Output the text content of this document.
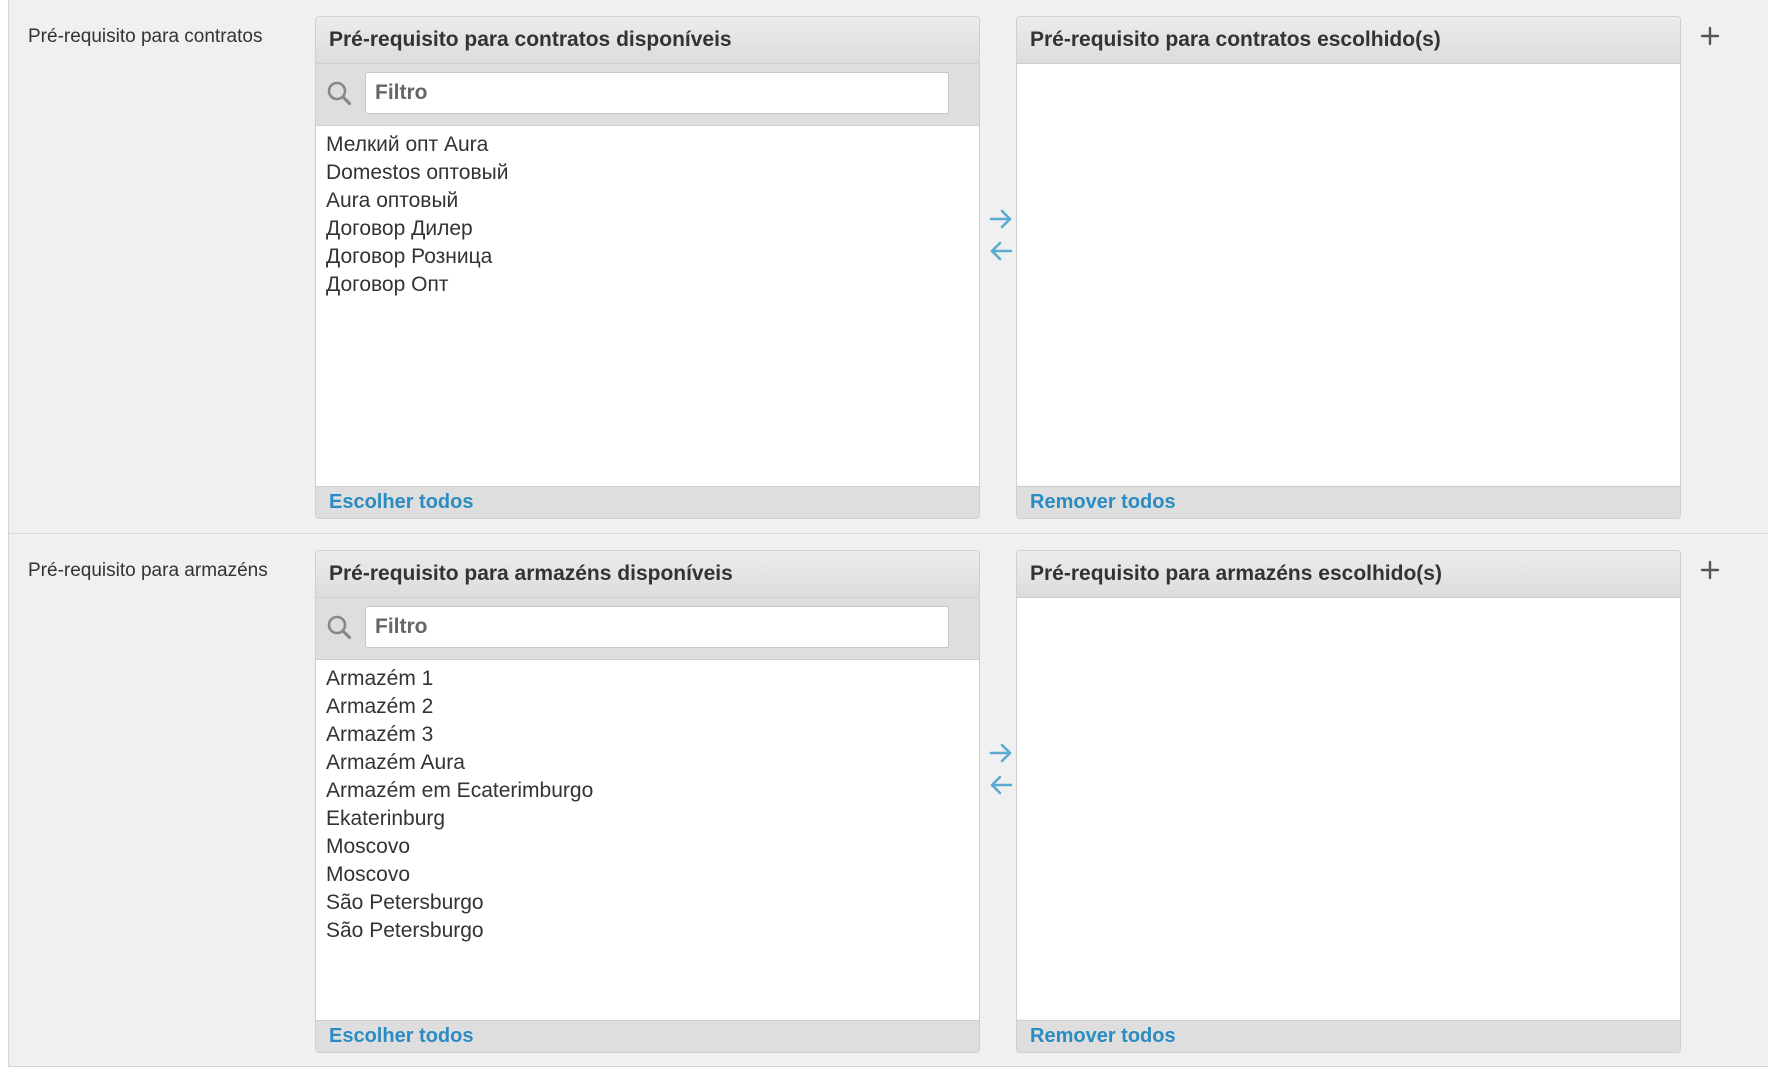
Pré-requisito para contratos	Pré-requisito para contratos disponíveis
Filtro
Мелкий опт Aura
Domestos оптовый
Aura оптовый
Договор Дилер
Договор Розница
Договор Опт
Escolher todos
Pré-requisito para contratos escolhido(s)
Remover todos
Pré-requisito para armazéns	Pré-requisito para armazéns disponíveis
Filtro
Armazém 1
Armazém 2
Armazém 3
Armazém Aura
Armazém em Ecaterimburgo
Ekaterinburg
Moscovo
Moscovo
São Petersburgo
São Petersburgo
Escolher todos
Pré-requisito para armazéns escolhido(s)
Remover todos
